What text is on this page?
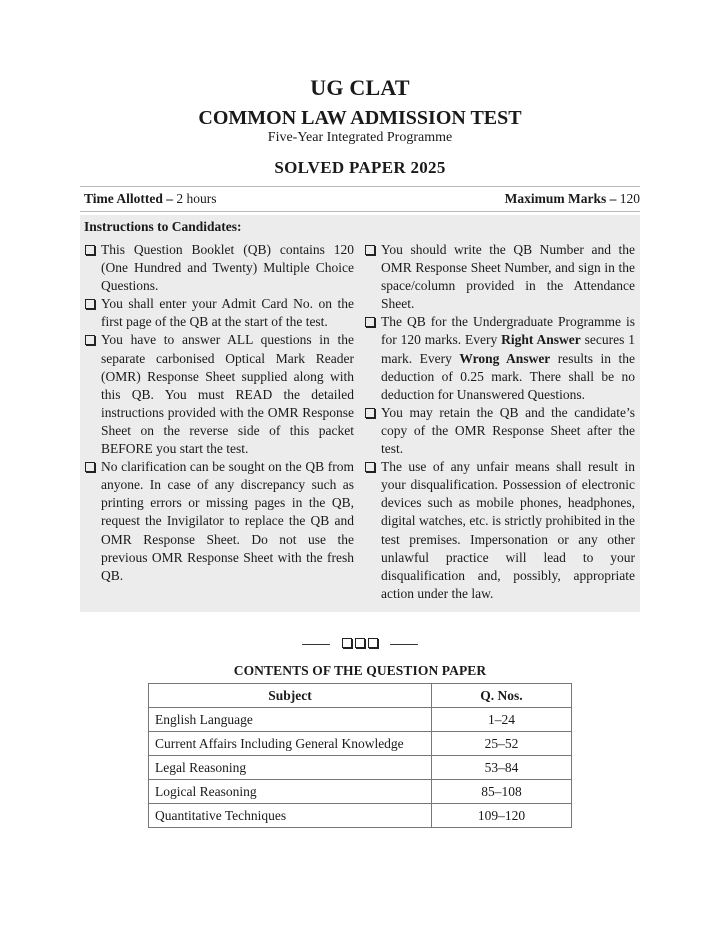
UG CLAT
COMMON LAW ADMISSION TEST
Five-Year Integrated Programme
SOLVED PAPER 2025
Time Allotted – 2 hours	Maximum Marks – 120
Instructions to Candidates:
This Question Booklet (QB) contains 120 (One Hundred and Twenty) Multiple Choice Questions.
You shall enter your Admit Card No. on the first page of the QB at the start of the test.
You have to answer ALL questions in the separate carbonised Optical Mark Reader (OMR) Response Sheet supplied along with this QB. You must READ the detailed instructions provided with the OMR Response Sheet on the reverse side of this packet BEFORE you start the test.
No clarification can be sought on the QB from anyone. In case of any discrepancy such as printing errors or missing pages in the QB, request the Invigilator to replace the QB and OMR Response Sheet. Do not use the previous OMR Response Sheet with the fresh QB.
You should write the QB Number and the OMR Response Sheet Number, and sign in the space/column provided in the Attendance Sheet.
The QB for the Undergraduate Programme is for 120 marks. Every Right Answer secures 1 mark. Every Wrong Answer results in the deduction of 0.25 mark. There shall be no deduction for Unanswered Questions.
You may retain the QB and the candidate’s copy of the OMR Response Sheet after the test.
The use of any unfair means shall result in your disqualification. Possession of electronic devices such as mobile phones, headphones, digital watches, etc. is strictly prohibited in the test premises. Impersonation or any other unlawful practice will lead to your disqualification and, possibly, appropriate action under the law.
CONTENTS OF THE QUESTION PAPER
Subject	Q. Nos.
English Language	1–24
Current Affairs Including General Knowledge	25–52
Legal Reasoning	53–84
Logical Reasoning	85–108
Quantitative Techniques	109–120
